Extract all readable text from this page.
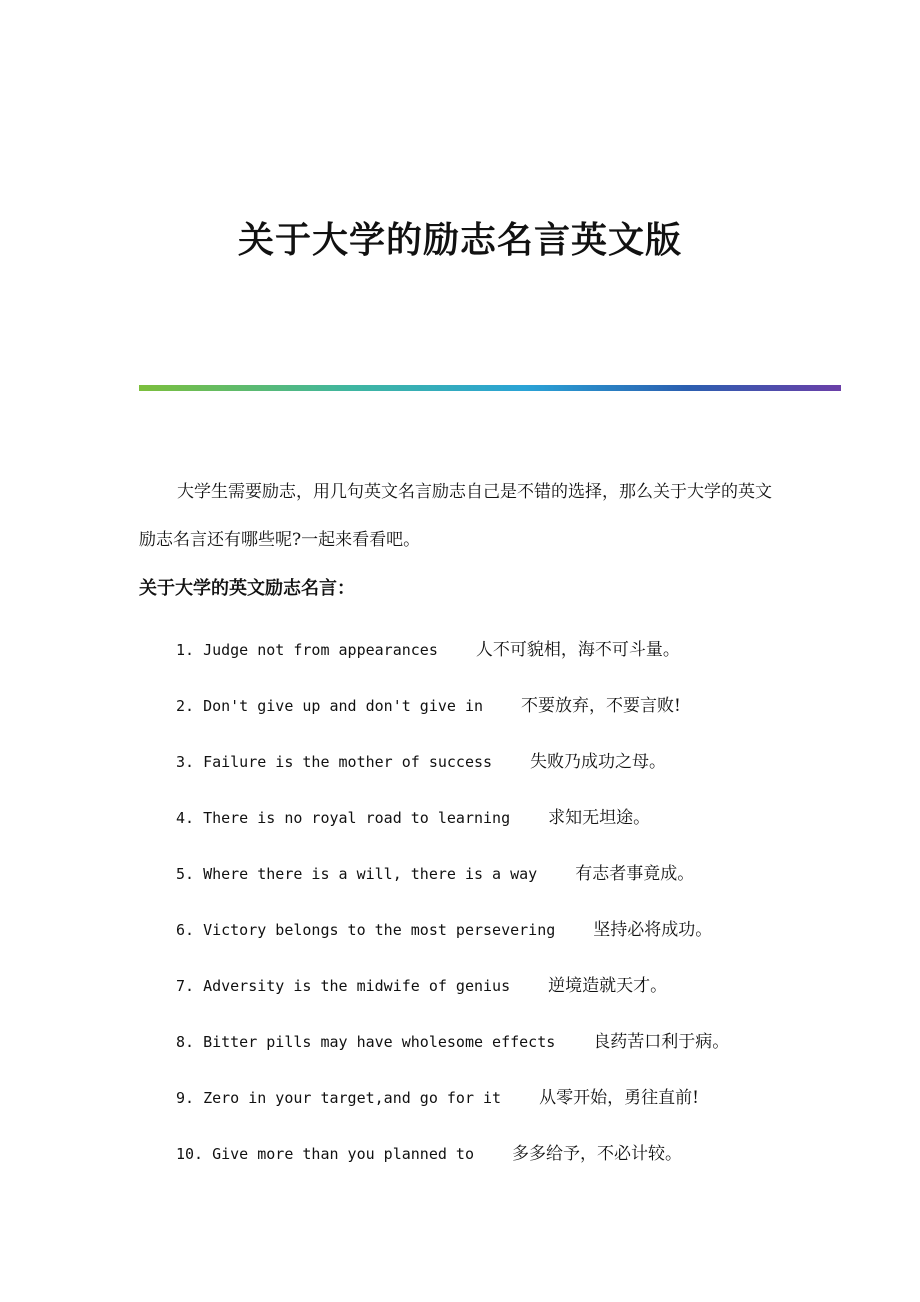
关于大学的励志名言英文版

大学生需要励志，用几句英文名言励志自己是不错的选择，那么关于大学的英文励志名言还有哪些呢?一起来看看吧。

关于大学的英文励志名言：
1. Judge not from appearances 人不可貌相，海不可斗量。
2. Don't give up and don't give in 不要放弃，不要言败!
3. Failure is the mother of success 失败乃成功之母。
4. There is no royal road to learning 求知无坦途。
5. Where there is a will, there is a way 有志者事竟成。
6. Victory belongs to the most persevering 坚持必将成功。
7. Adversity is the midwife of genius 逆境造就天才。
8. Bitter pills may have wholesome effects 良药苦口利于病。
9. Zero in your target,and go for it 从零开始，勇往直前!
10. Give more than you planned to 多多给予，不必计较。
